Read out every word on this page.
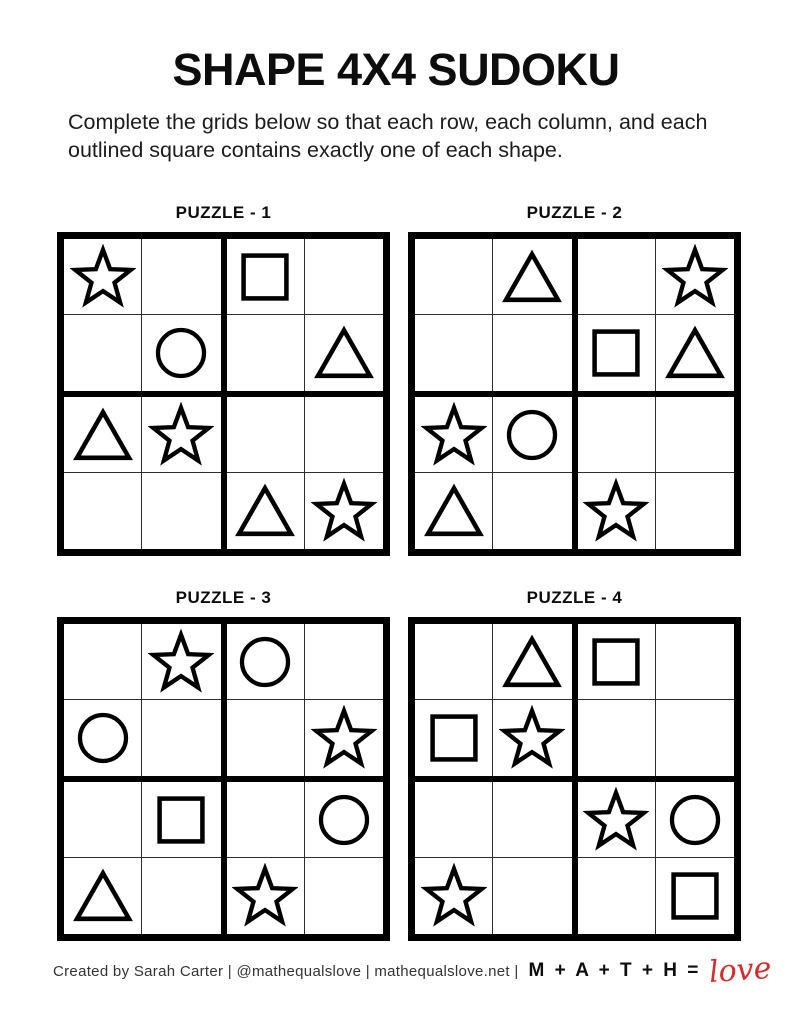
SHAPE 4X4 SUDOKU
Complete the grids below so that each row, each column, and each outlined square contains exactly one of each shape.
PUZZLE - 1	PUZZLE - 2
PUZZLE - 3	PUZZLE - 4
Created by Sarah Carter | @mathequalslove | mathequalslove.net | M + A + T + H = love
